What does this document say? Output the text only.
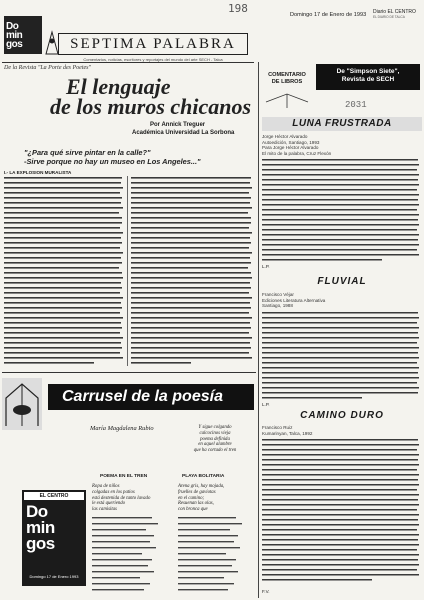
Do
min
gos	SEPTIMA PALABRA
Comentarios, noticias, escritores y reportajes del mundo del arte SECH - Talca
198	Domingo 17 de Enero de 1993 Diario EL CENTRO
EL DIARIO DE TALCA
De la Revista "La Porte des Poetes"
El lenguaje
de los muros chicanos
Por Annick Treguer
Académica Universidad La Sorbona
"¿Para qué sirve pintar en la calle?"
-Sirve porque no hay un museo en Los Angeles..."
I.- LA EXPLOSION MURALISTA
De "Simpson Siete",
Revista de SECH
COMENTARIO
DE LIBROS
2031
LUNA FRUSTRADA
Jorge Héctor Alvarado
Autoedición, Santiago, 1993
Para Jorge Héctor Alvarado
El mito de la palabra, Cruz Flexón
L.P.
FLUVIAL
Francisco Véjar
Ediciones Literatura Alternativa
Santiago, 1988
L.P.
CAMINO DURO
Francisco Ruiz
Kumarinyan, Talca, 1992
F.V.
Carrusel de la poesía
María Magdalena Rubio	Y sigue colgando
calcocinos vieja
poema definida
en aquel alambre
que ha cortado el tren
POEMA EN EL TREN	PLAYA BOLITARIA
Ropa de niños
colgadas en los patios
está destenida de tanto lavado
le está queriendo
las camisitas
Arena gris, hay mojada,
fruelles de gaviotas
en el camino;
Resuenan las olas,
con bronca que
EL CENTRO
Do
min
gos
Domingo 17 de Enero 1993
